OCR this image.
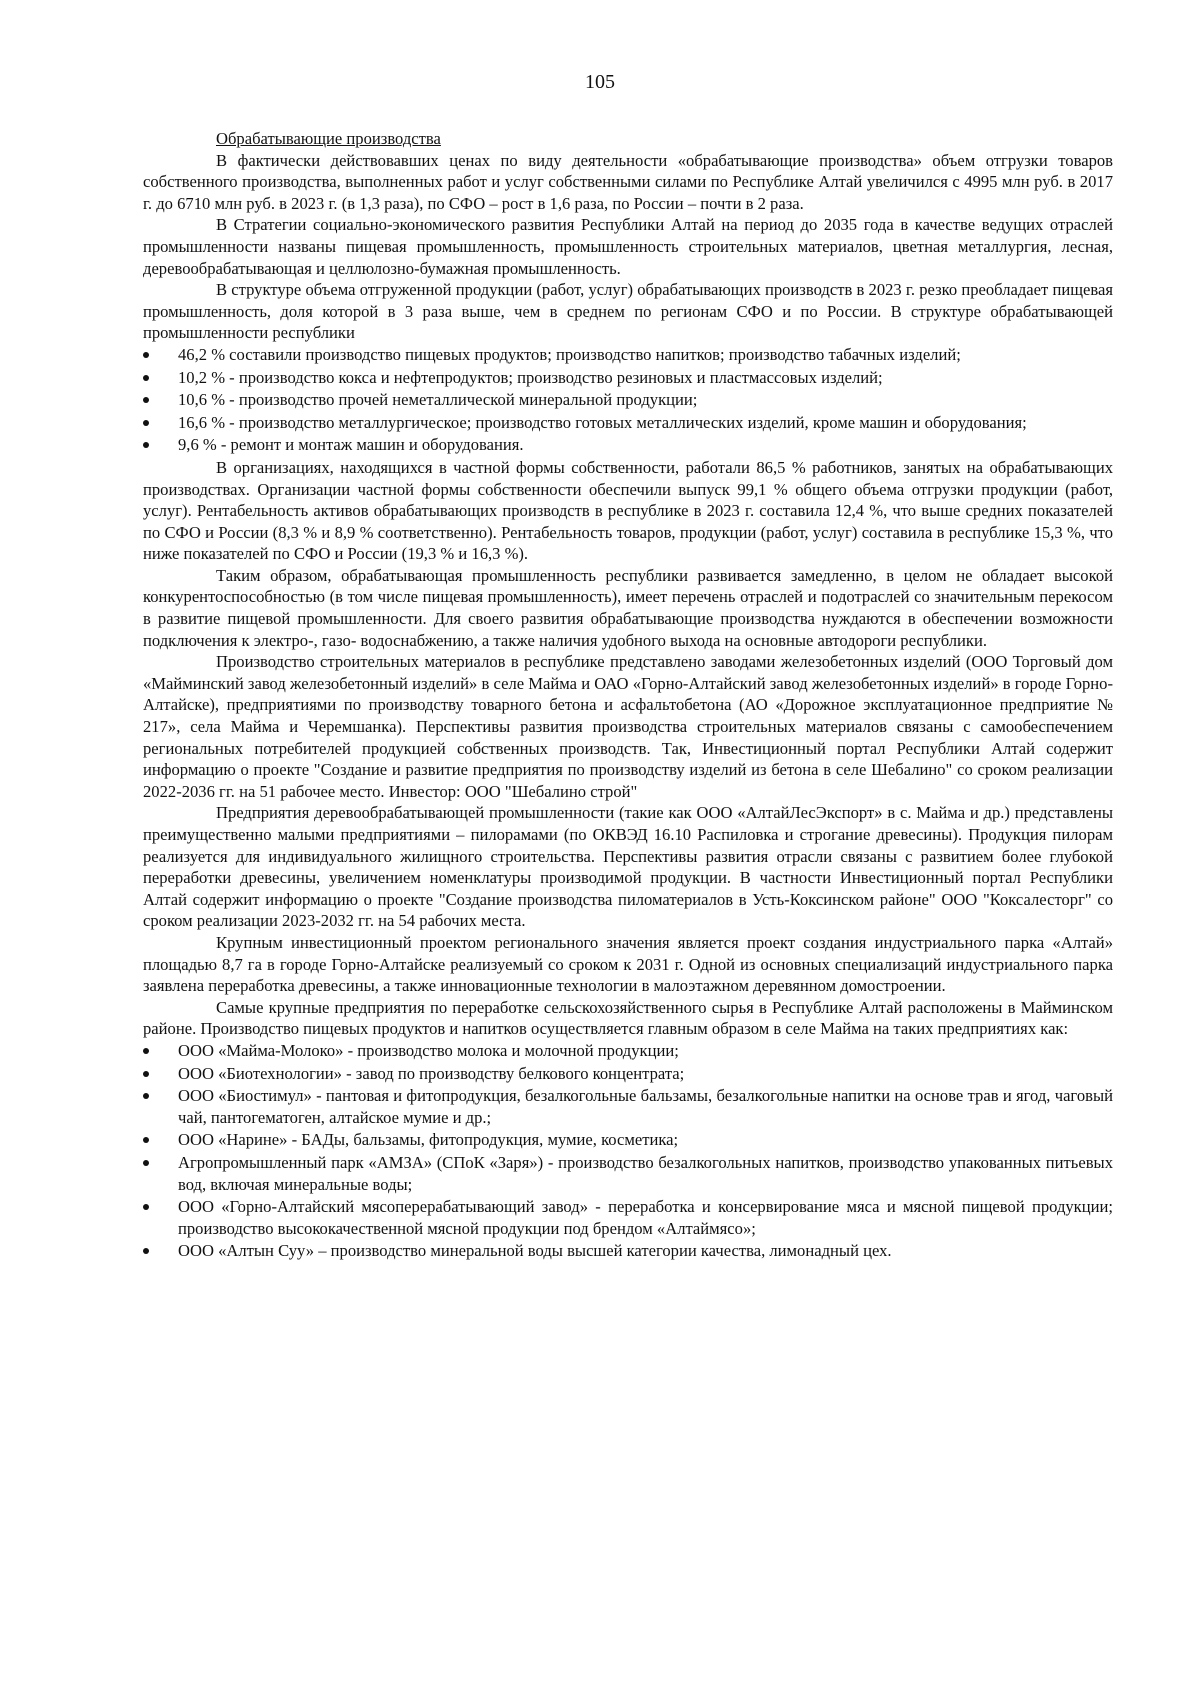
105

Обрабатывающие производства

В фактически действовавших ценах по виду деятельности «обрабатывающие производства» объем отгрузки товаров собственного производства, выполненных работ и услуг собственными силами по Республике Алтай увеличился с 4995 млн руб. в 2017 г. до 6710 млн руб. в 2023 г. (в 1,3 раза), по СФО – рост в 1,6 раза, по России – почти в 2 раза.

В Стратегии социально-экономического развития Республики Алтай на период до 2035 года в качестве ведущих отраслей промышленности названы пищевая промышленность, промышленность строительных материалов, цветная металлургия, лесная, деревообрабатывающая и целлюлозно-бумажная промышленность.

В структуре объема отгруженной продукции (работ, услуг) обрабатывающих производств в 2023 г. резко преобладает пищевая промышленность, доля которой в 3 раза выше, чем в среднем по регионам СФО и по России. В структуре обрабатывающей промышленности республики

46,2 % составили производство пищевых продуктов; производство напитков; производство табачных изделий;
10,2 % - производство кокса и нефтепродуктов; производство резиновых и пластмассовых изделий;
10,6 % - производство прочей неметаллической минеральной продукции;
16,6 % - производство металлургическое; производство готовых металлических изделий, кроме машин и оборудования;
9,6 % - ремонт и монтаж машин и оборудования.

В организациях, находящихся в частной формы собственности, работали 86,5 % работников, занятых на обрабатывающих производствах. Организации частной формы собственности обеспечили выпуск 99,1 % общего объема отгрузки продукции (работ, услуг). Рентабельность активов обрабатывающих производств в республике в 2023 г. составила 12,4 %, что выше средних показателей по СФО и России (8,3 % и 8,9 % соответственно). Рентабельность товаров, продукции (работ, услуг) составила в республике 15,3 %, что ниже показателей по СФО и России (19,3 % и 16,3 %).

Таким образом, обрабатывающая промышленность республики развивается замедленно, в целом не обладает высокой конкурентоспособностью (в том числе пищевая промышленность), имеет перечень отраслей и подотраслей со значительным перекосом в развитие пищевой промышленности. Для своего развития обрабатывающие производства нуждаются в обеспечении возможности подключения к электро-, газо- водоснабжению, а также наличия удобного выхода на основные автодороги республики.

Производство строительных материалов в республике представлено заводами железобетонных изделий (ООО Торговый дом «Майминский завод железобетонный изделий» в селе Майма и ОАО «Горно-Алтайский завод железобетонных изделий» в городе Горно-Алтайске), предприятиями по производству товарного бетона и асфальтобетона (АО «Дорожное эксплуатационное предприятие № 217», села Майма и Черемшанка). Перспективы развития производства строительных материалов связаны с самообеспечением региональных потребителей продукцией собственных производств. Так, Инвестиционный портал Республики Алтай содержит информацию о проекте "Создание и развитие предприятия по производству изделий из бетона в селе Шебалино" со сроком реализации 2022-2036 гг. на 51 рабочее место. Инвестор: ООО "Шебалино строй"

Предприятия деревообрабатывающей промышленности (такие как ООО «АлтайЛесЭкспорт» в с. Майма и др.) представлены преимущественно малыми предприятиями – пилорамами (по ОКВЭД 16.10 Распиловка и строгание древесины). Продукция пилорам реализуется для индивидуального жилищного строительства. Перспективы развития отрасли связаны с развитием более глубокой переработки древесины, увеличением номенклатуры производимой продукции. В частности Инвестиционный портал Республики Алтай содержит информацию о проекте "Создание производства пиломатериалов в Усть-Коксинском районе" ООО "Коксалесторг" со сроком реализации 2023-2032 гг. на 54 рабочих места.

Крупным инвестиционный проектом регионального значения является проект создания индустриального парка «Алтай» площадью 8,7 га в городе Горно-Алтайске реализуемый со сроком к 2031 г. Одной из основных специализаций индустриального парка заявлена переработка древесины, а также инновационные технологии в малоэтажном деревянном домостроении.

Самые крупные предприятия по переработке сельскохозяйственного сырья в Республике Алтай расположены в Майминском районе. Производство пищевых продуктов и напитков осуществляется главным образом в селе Майма на таких предприятиях как:

ООО «Майма-Молоко» - производство молока и молочной продукции;
ООО «Биотехнологии» - завод по производству белкового концентрата;
ООО «Биостимул» - пантовая и фитопродукция, безалкогольные бальзамы, безалкогольные напитки на основе трав и ягод, чаговый чай, пантогематоген, алтайское мумие и др.;
ООО «Нарине» - БАДы, бальзамы, фитопродукция, мумие, косметика;
Агропромышленный парк «АМЗА» (СПоК «Заря») - производство безалкогольных напитков, производство упакованных питьевых вод, включая минеральные воды;
ООО «Горно-Алтайский мясоперерабатывающий завод» - переработка и консервирование мяса и мясной пищевой продукции; производство высококачественной мясной продукции под брендом «Алтаймясо»;
ООО «Алтын Суу» – производство минеральной воды высшей категории качества, лимонадный цех.
